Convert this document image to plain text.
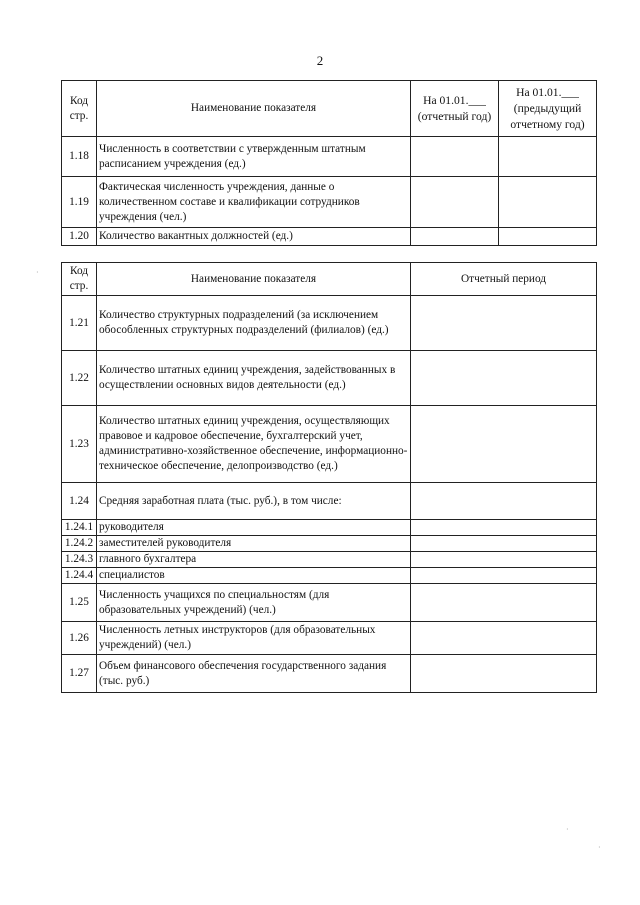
2
Код стр.	Наименование показателя	На 01.01.___ (отчетный год)	На 01.01.___ (предыдущий отчетному год)
1.18	Численность в соответствии с утвержденным штатным расписанием учреждения (ед.)		
1.19	Фактическая численность учреждения, данные о количественном составе и квалификации сотрудников учреждения (чел.)		
1.20	Количество вакантных должностей (ед.)		
Код стр.	Наименование показателя	Отчетный период
1.21	Количество структурных подразделений (за исключением обособленных структурных подразделений (филиалов) (ед.)	
1.22	Количество штатных единиц учреждения, задействованных в осуществлении основных видов деятельности (ед.)	
1.23	Количество штатных единиц учреждения, осуществляющих правовое и кадровое обеспечение, бухгалтерский учет, административно-хозяйственное обеспечение, информационно-техническое обеспечение, делопроизводство (ед.)	
1.24	Средняя заработная плата (тыс. руб.), в том числе:	
1.24.1	руководителя	
1.24.2	заместителей руководителя	
1.24.3	главного бухгалтера	
1.24.4	специалистов	
1.25	Численность учащихся по специальностям (для образовательных учреждений) (чел.)	
1.26	Численность летных инструкторов (для образовательных учреждений) (чел.)	
1.27	Объем финансового обеспечения государственного задания (тыс. руб.)	
·
·
·
